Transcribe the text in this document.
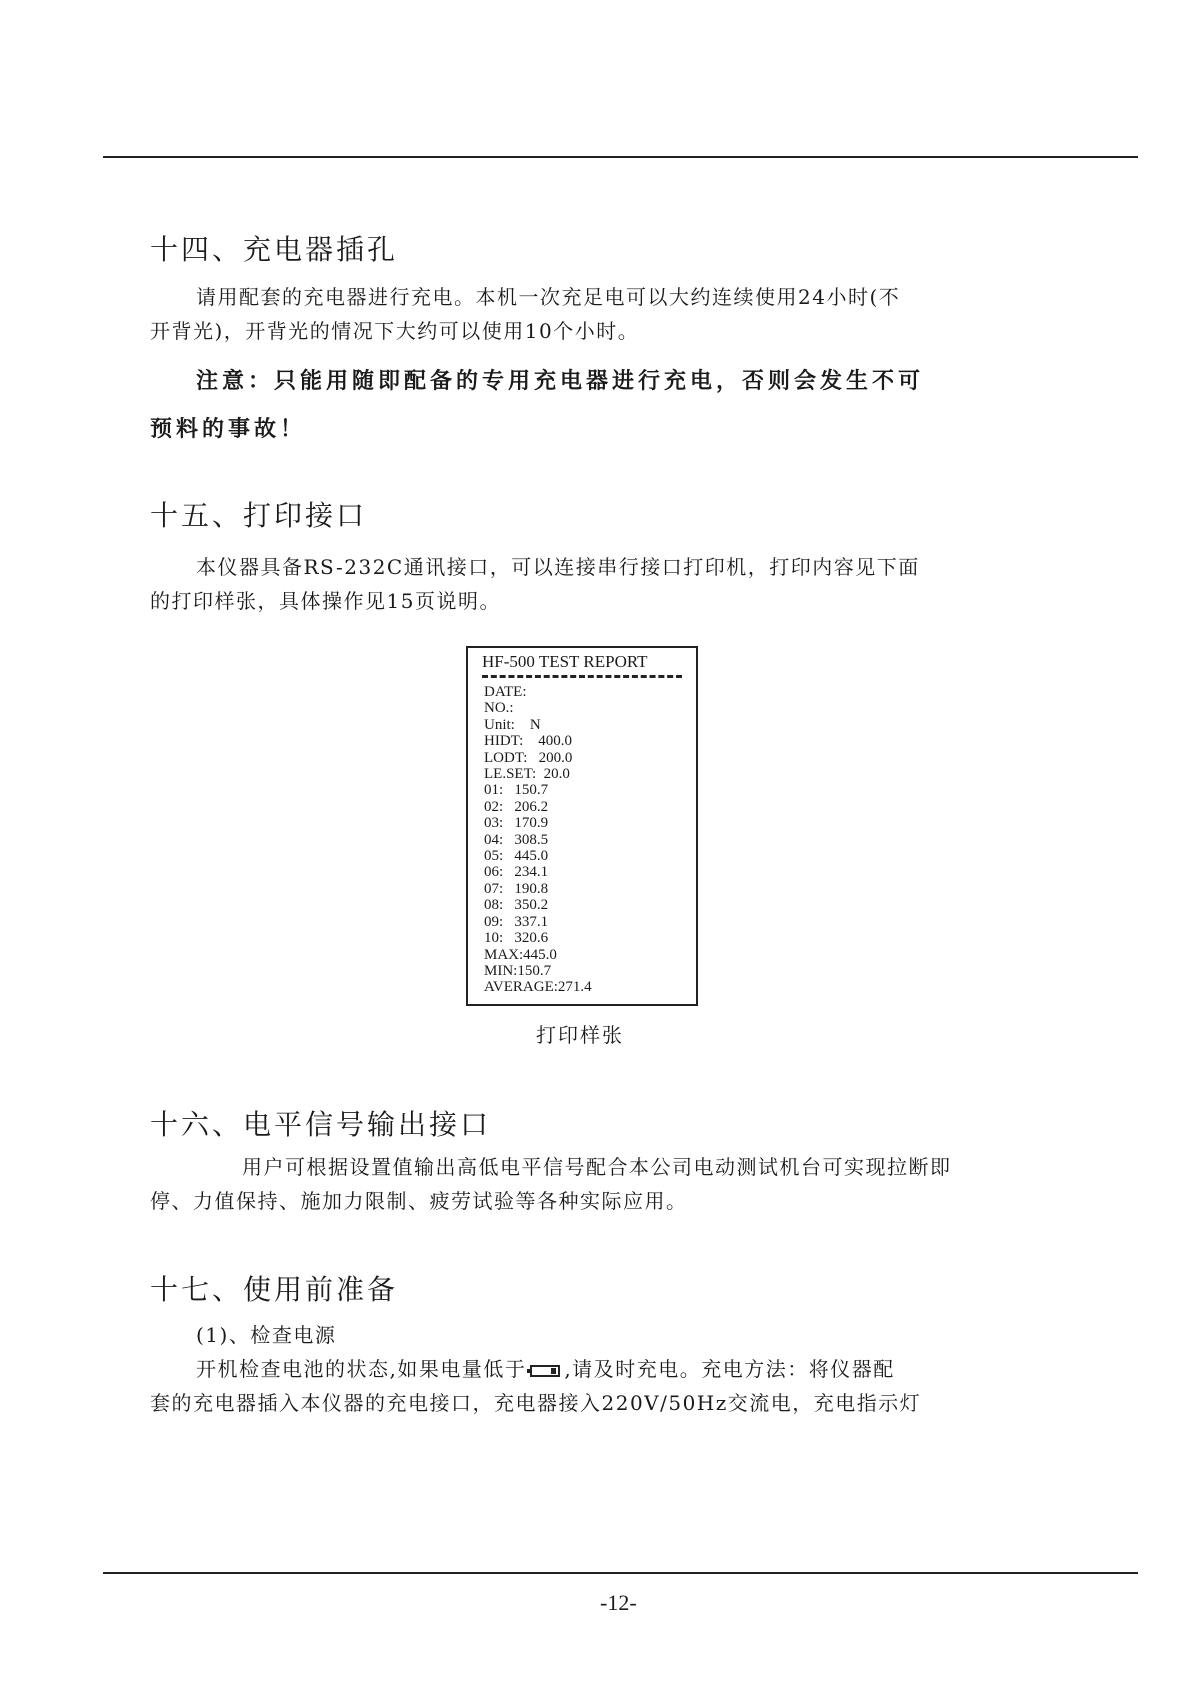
十四、充电器插孔

请用配套的充电器进行充电。本机一次充足电可以大约连续使用24小时(不
开背光)，开背光的情况下大约可以使用10个小时。

注意：只能用随即配备的专用充电器进行充电，否则会发生不可
预料的事故！

十五、打印接口

本仪器具备RS-232C通讯接口，可以连接串行接口打印机，打印内容见下面
的打印样张，具体操作见15页说明。

HF-500 TEST REPORT
DATE:
NO.:
Unit:    N
HIDT:    400.0
LODT:   200.0
LE.SET:  20.0
01:   150.7
02:   206.2
03:   170.9
04:   308.5
05:   445.0
06:   234.1
07:   190.8
08:   350.2
09:   337.1
10:   320.6
MAX:445.0
MIN:150.7
AVERAGE:271.4
打印样张
十六、电平信号输出接口

用户可根据设置值输出高低电平信号配合本公司电动测试机台可实现拉断即
停、力值保持、施加力限制、疲劳试验等各种实际应用。

十七、使用前准备

(1)、检查电源
开机检查电池的状态,如果电量低于 ,请及时充电。充电方法：将仪器配
套的充电器插入本仪器的充电接口，充电器接入220V/50Hz交流电，充电指示灯

-12-
